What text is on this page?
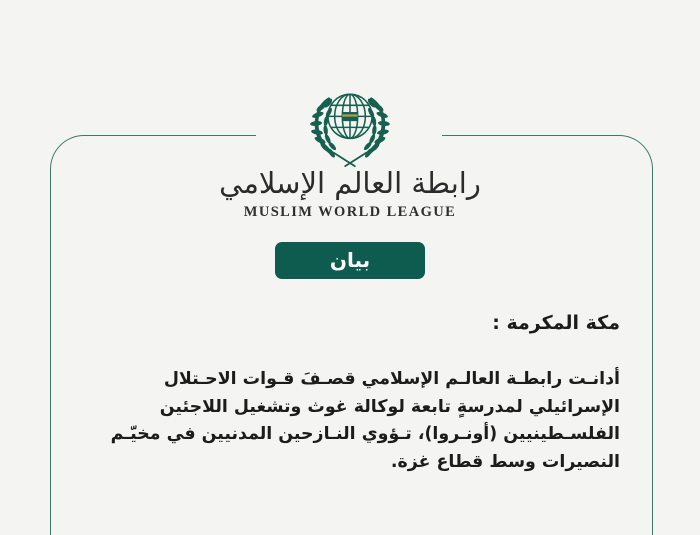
رابطة العالم الإسلامي
MUSLIM WORLD LEAGUE
بيان
مكة المكرمة :

أدانـت رابطـة العالـم الإسلامي قصـفَ قـوات الاحـتلال
الإسرائيلي لمدرسةٍ تابعة لوكالة غوث وتشغيل اللاجئين
الفلسـطينيين (أونـروا)، تـؤوي النـازحين المدنيين في مخيّـم
النصيرات وسط قطاع غزة.
